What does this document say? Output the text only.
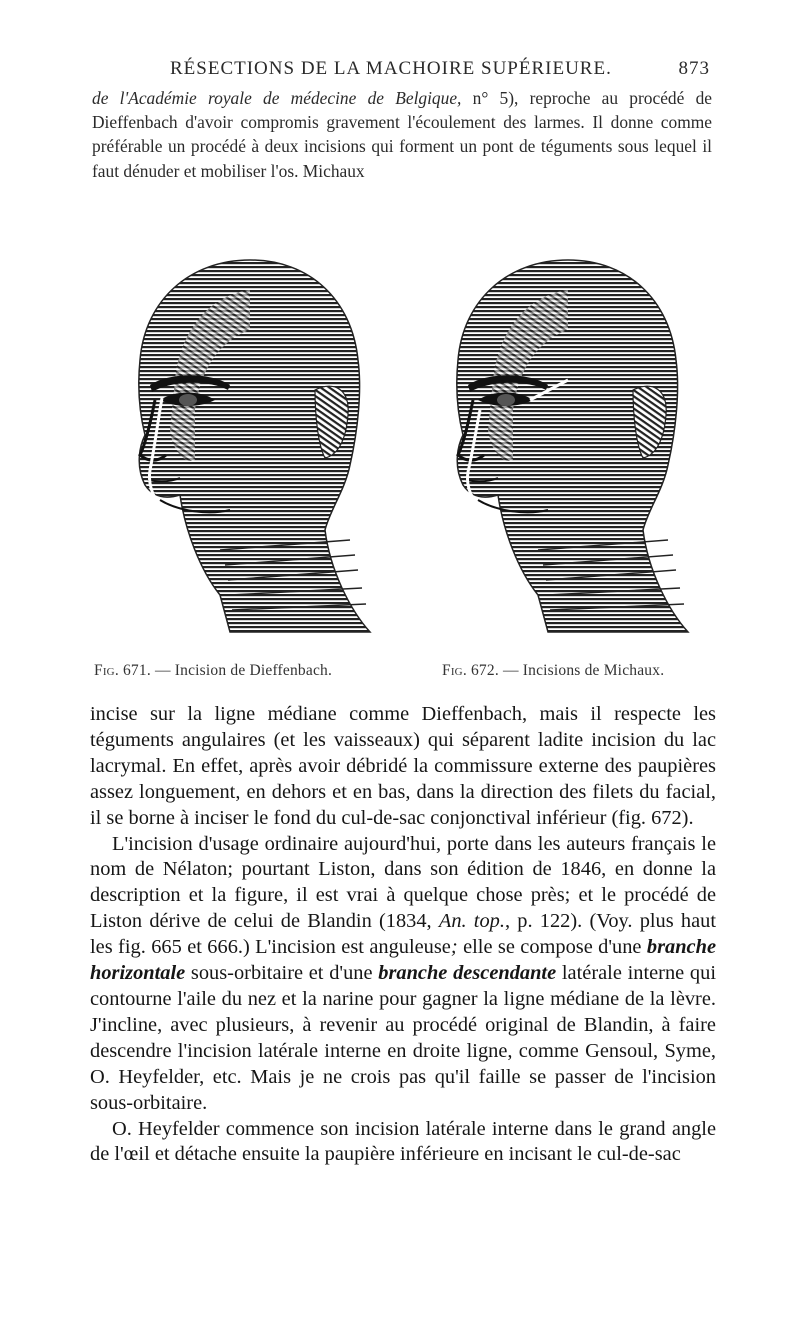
RÉSECTIONS DE LA MACHOIRE SUPÉRIEURE.	873

de l'Académie royale de médecine de Belgique, n° 5), reproche au procédé de Dieffenbach d'avoir compromis gravement l'écoulement des larmes. Il donne comme préférable un procédé à deux incisions qui forment un pont de téguments sous lequel il faut dénuder et mobiliser l'os. Michaux

Fig. 671. — Incision de Dieffenbach.	Fig. 672. — Incisions de Michaux.

incise sur la ligne médiane comme Dieffenbach, mais il respecte les téguments angulaires (et les vaisseaux) qui séparent ladite incision du lac lacrymal. En effet, après avoir débridé la commissure externe des paupières assez longuement, en dehors et en bas, dans la direction des filets du facial, il se borne à inciser le fond du cul-de-sac conjonctival inférieur (fig. 672).

L'incision d'usage ordinaire aujourd'hui, porte dans les auteurs français le nom de Nélaton; pourtant Liston, dans son édition de 1846, en donne la description et la figure, il est vrai à quelque chose près; et le procédé de Liston dérive de celui de Blandin (1834, An. top., p. 122). (Voy. plus haut les fig. 665 et 666.) L'incision est anguleuse; elle se compose d'une branche horizontale sous-orbitaire et d'une branche descendante latérale interne qui contourne l'aile du nez et la narine pour gagner la ligne médiane de la lèvre. J'incline, avec plusieurs, à revenir au procédé original de Blandin, à faire descendre l'incision latérale interne en droite ligne, comme Gensoul, Syme, O. Heyfelder, etc. Mais je ne crois pas qu'il faille se passer de l'incision sous-orbitaire.

O. Heyfelder commence son incision latérale interne dans le grand angle de l'œil et détache ensuite la paupière inférieure en incisant le cul-de-sac
